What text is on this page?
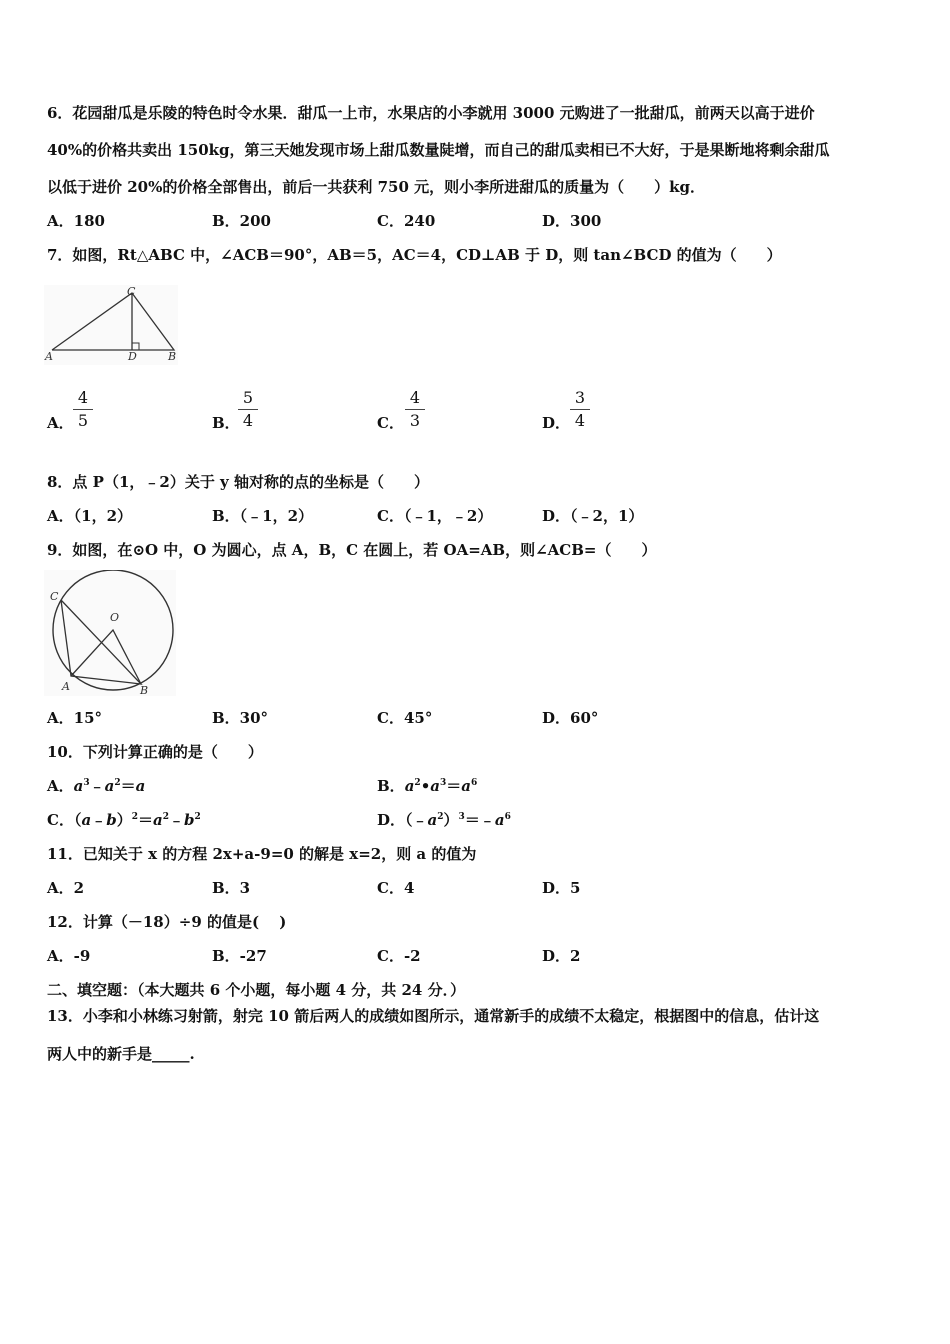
6．花园甜瓜是乐陵的特色时令水果．甜瓜一上市，水果店的小李就用 3000 元购进了一批甜瓜，前两天以高于进价
40%的价格共卖出 150kg，第三天她发现市场上甜瓜数量陡增，而自己的甜瓜卖相已不大好，于是果断地将剩余甜瓜
以低于进价 20%的价格全部售出，前后一共获利 750 元，则小李所进甜瓜的质量为（　　）kg．
A．180	B．200	C．240	D．300
7．如图，Rt△ABC 中，∠ACB＝90°，AB＝5，AC＝4，CD⊥AB 于 D，则 tan∠BCD 的值为（　　）
A	D	B
C
A．
4
5	B．
5
4	C．
4
3	D．
3
4
8．点 P（1，﹣2）关于 y 轴对称的点的坐标是（　　）
A．（1，2）	B．（﹣1，2）	C．（﹣1，﹣2）	D．（﹣2，1）
9．如图，在⊙O 中，O 为圆心，点 A，B，C 在圆上，若 OA=AB，则∠ACB=（　　）
C
O
A	B
A．15°	B．30°	C．45°	D．60°
10．下列计算正确的是（　　）
A．$a^3﹣a^2=a$	B．$a^2•a^3=a^6$
C．$(a﹣b)^2=a^2﹣b^2$	D．$(﹣a^2)^3=﹣a^6$
11．已知关于 x 的方程 2x+a-9=0 的解是 x=2，则 a 的值为
A．2	B．3	C．4	D．5
12．计算（－18）÷9 的值是(　 )
A．-9	B．-27	C．-2	D．2
二、填空题：（本大题共 6 个小题，每小题 4 分，共 24 分．）
13．小李和小林练习射箭，射完 10 箭后两人的成绩如图所示，通常新手的成绩不太稳定，根据图中的信息，估计这
两人中的新手是_____.
